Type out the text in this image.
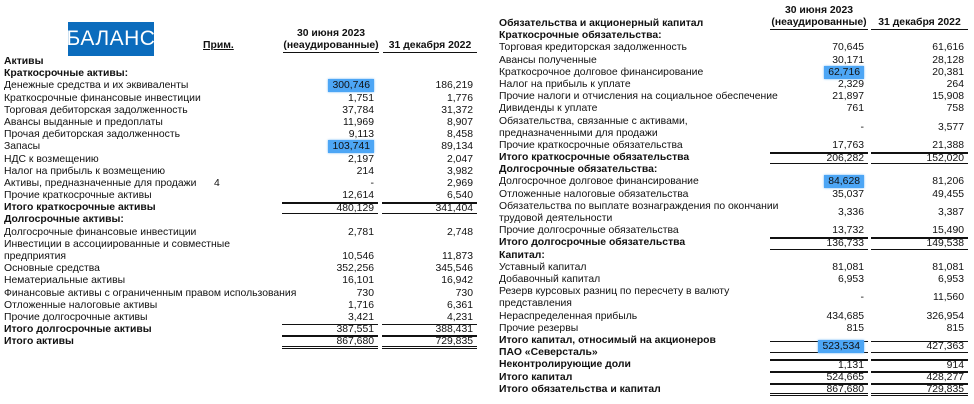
БАЛАНС	Прим.
30 июня 2023
(неаудированные) 31 декабря 2022
Активы
Краткосрочные активы:
Денежные средства и их эквиваленты	300,746	186,219
Краткосрочные финансовые инвестиции	1,751	1,776
Торговая дебиторская задолженность	37,784	31,372
Авансы выданные и предоплаты	11,969	8,907
Прочая дебиторская задолженность	9,113	8,458
Запасы	103,741	89,134
НДС к возмещению	2,197	2,047
Налог на прибыль к возмещению	214	3,982
Активы, предназначенные для продажи 4	-	2,969
Прочие краткосрочные активы	12,614	6,540
Итого краткосрочные активы	480,129	341,404
Долгосрочные активы:
Долгосрочные финансовые инвестиции	2,781	2,748
Инвестиции в ассоциированные и совместные
предприятия	10,546	11,873
Основные средства	352,256	345,546
Нематериальные активы	16,101	16,942
Финансовые активы с ограниченным правом использования	730	730
Отложенные налоговые активы	1,716	6,361
Прочие долгосрочные активы	3,421	4,231
Итого долгосрочные активы	387,551	388,431
Итого активы	867,680	729,835
30 июня 2023
(неаудированные)	31 декабря 2022
Обязательства и акционерный капитал
Краткосрочные обязательства:
Торговая кредиторская задолженность	70,645	61,616
Авансы полученные	30,171	28,128
Краткосрочное долговое финансирование	62,716	20,381
Налог на прибыль к уплате	2,329	264
Прочие налоги и отчисления на социальное обеспечение	21,897	15,908
Дивиденды к уплате	761	758
Обязательства, связанные с активами,
предназначенными для продажи
-	3,577
Прочие краткосрочные обязательства	17,763	21,388
Итого краткосрочные обязательства	206,282	152,020
Долгосрочные обязательства:
Долгосрочное долговое финансирование	84,628	81,206
Отложенные налоговые обязательства	35,037	49,455
Обязательства по выплате вознаграждения по окончании
трудовой деятельности
3,336	3,387
Прочие долгосрочные обязательства	13,732	15,490
Итого долгосрочные обязательства	136,733	149,538
Капитал:
Уставный капитал	81,081	81,081
Добавочный капитал	6,953	6,953
Резерв курсовых разниц по пересчету в валюту
представления
-	11,560
Нераспределенная прибыль	434,685	326,954
Прочие резервы	815	815
Итого капитал, относимый на акционеров
ПАО «Северсталь»
523,534	427,363
Неконтролирующие доли	1,131	914
Итого капитал	524,665	428,277
Итого обязательства и капитал	867,680	729,835
